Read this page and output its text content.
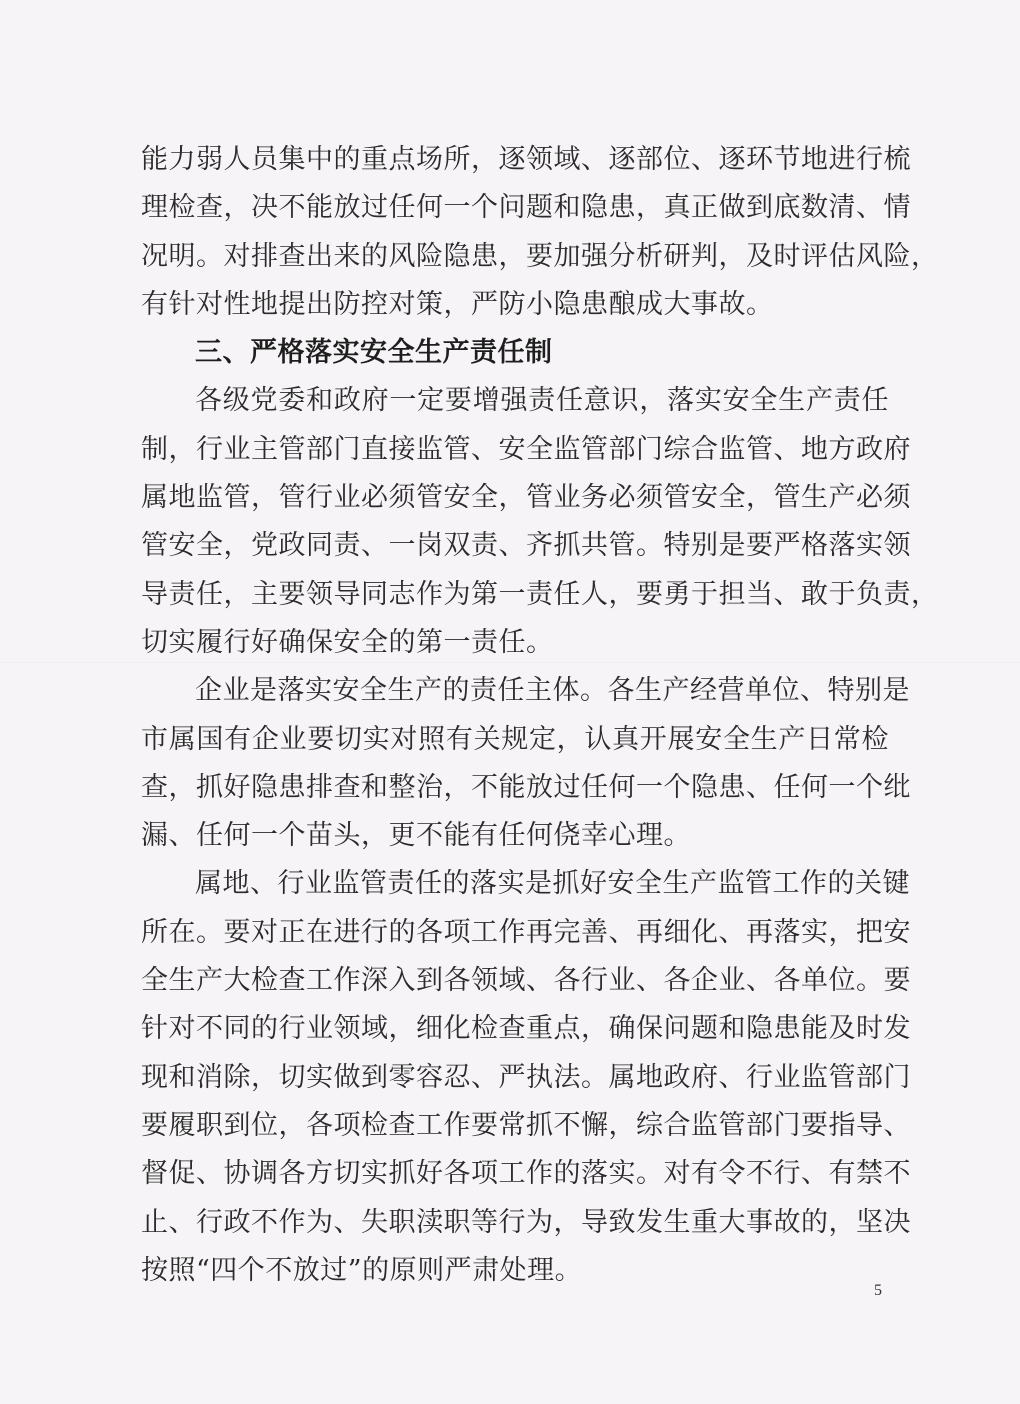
能力弱人员集中的重点场所，逐领域、逐部位、逐环节地进行梳
理检查，决不能放过任何一个问题和隐患，真正做到底数清、情
况明。对排查出来的风险隐患，要加强分析研判，及时评估风险，
有针对性地提出防控对策，严防小隐患酿成大事故。
三、严格落实安全生产责任制
各级党委和政府一定要增强责任意识，落实安全生产责任
制，行业主管部门直接监管、安全监管部门综合监管、地方政府
属地监管，管行业必须管安全，管业务必须管安全，管生产必须
管安全，党政同责、一岗双责、齐抓共管。特别是要严格落实领
导责任，主要领导同志作为第一责任人，要勇于担当、敢于负责，
切实履行好确保安全的第一责任。
企业是落实安全生产的责任主体。各生产经营单位、特别是
市属国有企业要切实对照有关规定，认真开展安全生产日常检
查，抓好隐患排查和整治，不能放过任何一个隐患、任何一个纰
漏、任何一个苗头，更不能有任何侥幸心理。
属地、行业监管责任的落实是抓好安全生产监管工作的关键
所在。要对正在进行的各项工作再完善、再细化、再落实，把安
全生产大检查工作深入到各领域、各行业、各企业、各单位。要
针对不同的行业领域，细化检查重点，确保问题和隐患能及时发
现和消除，切实做到零容忍、严执法。属地政府、行业监管部门
要履职到位，各项检查工作要常抓不懈，综合监管部门要指导、
督促、协调各方切实抓好各项工作的落实。对有令不行、有禁不
止、行政不作为、失职渎职等行为，导致发生重大事故的，坚决
按照“四个不放过”的原则严肃处理。
5
